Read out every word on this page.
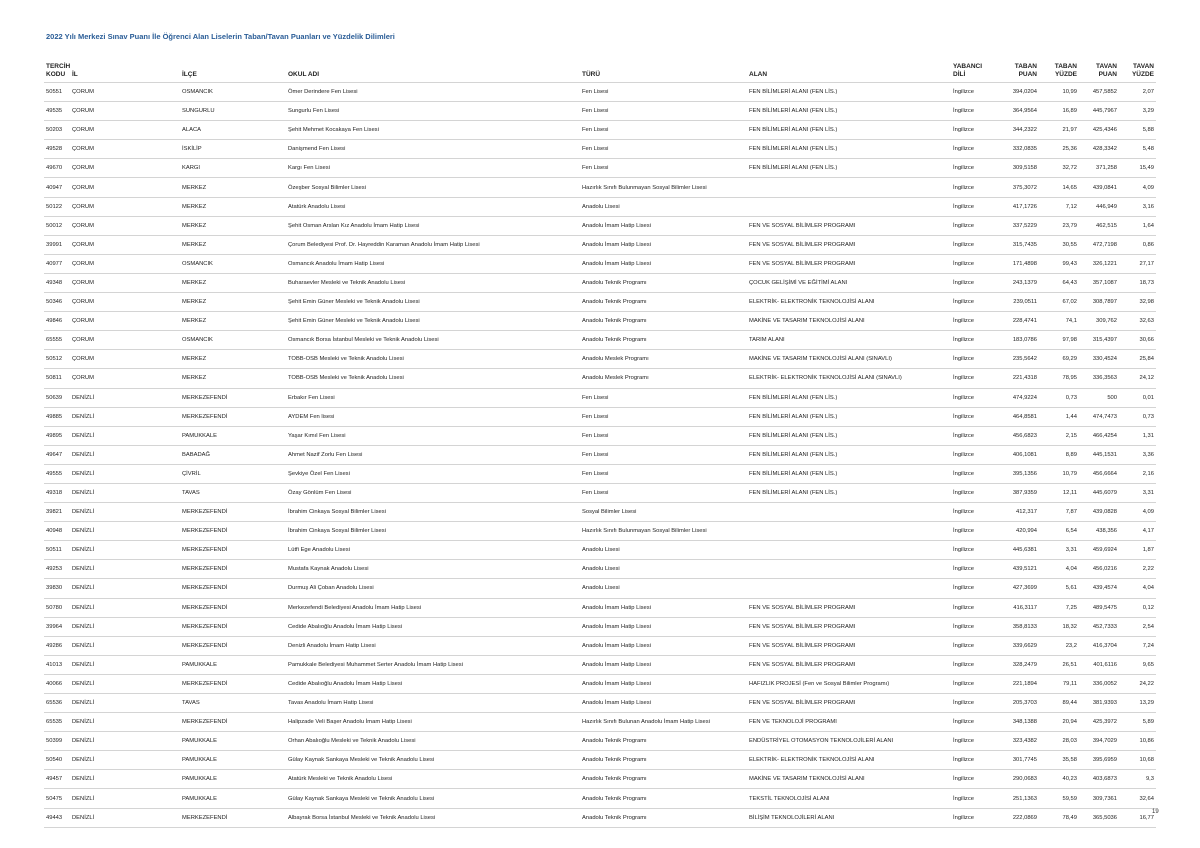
2022 Yılı Merkezi Sınav Puanı İle Öğrenci Alan Liselerin Taban/Tavan Puanları ve Yüzdelik Dilimleri
TERCİH KODU	İL	İLÇE	OKUL ADI	TÜRÜ	ALAN	YABANCI DİLİ	TABAN PUAN	TABAN YÜZDE	TAVAN PUAN	TAVAN YÜZDE
50551	ÇORUM	OSMANCIK	Ömer Derindere Fen Lisesi	Fen Lisesi	FEN BİLİMLERİ ALANI (FEN LİS.)	İngilizce	394,0204	10,99	457,5852	2,07
49535	ÇORUM	SUNGURLU	Sungurlu Fen Lisesi	Fen Lisesi	FEN BİLİMLERİ ALANI (FEN LİS.)	İngilizce	364,9564	16,89	445,7967	3,29
50203	ÇORUM	ALACA	Şehit Mehmet Kocakaya Fen Lisesi	Fen Lisesi	FEN BİLİMLERİ ALANI (FEN LİS.)	İngilizce	344,2322	21,97	425,4346	5,88
49528	ÇORUM	İSKİLİP	Danişmend Fen Lisesi	Fen Lisesi	FEN BİLİMLERİ ALANI (FEN LİS.)	İngilizce	332,0835	25,36	428,3342	5,48
49670	ÇORUM	KARGI	Kargı Fen Lisesi	Fen Lisesi	FEN BİLİMLERİ ALANI (FEN LİS.)	İngilizce	309,5158	32,72	371,258	15,49
40947	ÇORUM	MERKEZ	Özeşber Sosyal Bilimler Lisesi	Hazırlık Sınıfı Bulunmayan Sosyal Bilimler Lisesi		İngilizce	375,3072	14,65	439,0841	4,09
50122	ÇORUM	MERKEZ	Atatürk Anadolu Lisesi	Anadolu Lisesi		İngilizce	417,1726	7,12	446,949	3,16
50012	ÇORUM	MERKEZ	Şehit Osman Arslan Kız Anadolu İmam Hatip Lisesi	Anadolu İmam Hatip Lisesi	FEN VE SOSYAL BİLİMLER PROGRAMI	İngilizce	337,5229	23,79	462,515	1,64
39991	ÇORUM	MERKEZ	Çorum Belediyesi Prof. Dr. Hayreddin Karaman Anadolu İmam Hatip Lisesi	Anadolu İmam Hatip Lisesi	FEN VE SOSYAL BİLİMLER PROGRAMI	İngilizce	315,7435	30,55	472,7198	0,86
40977	ÇORUM	OSMANCIK	Osmancık Anadolu İmam Hatip Lisesi	Anadolu İmam Hatip Lisesi	FEN VE SOSYAL BİLİMLER PROGRAMI	İngilizce	171,4898	99,43	326,1221	27,17
49348	ÇORUM	MERKEZ	Buharaevler Mesleki ve Teknik Anadolu Lisesi	Anadolu Teknik Programı	ÇOCUK GELİŞİMİ VE EĞİTİMİ ALANI	İngilizce	243,1379	64,43	357,1087	18,73
50346	ÇORUM	MERKEZ	Şehit Emin Güner Mesleki ve Teknik Anadolu Lisesi	Anadolu Teknik Programı	ELEKTRİK- ELEKTRONİK TEKNOLOJİSİ ALANI	İngilizce	239,0511	67,02	308,7897	32,98
49846	ÇORUM	MERKEZ	Şehit Emin Güner Mesleki ve Teknik Anadolu Lisesi	Anadolu Teknik Programı	MAKİNE VE TASARIM TEKNOLOJİSİ ALANI	İngilizce	228,4741	74,1	309,762	32,63
65555	ÇORUM	OSMANCIK	Osmancık Borsa İstanbul Mesleki ve Teknik Anadolu Lisesi	Anadolu Teknik Programı	TARIM ALANI	İngilizce	183,0786	97,98	315,4397	30,66
50512	ÇORUM	MERKEZ	TOBB-OSB Mesleki ve Teknik Anadolu Lisesi	Anadolu Meslek Programı	MAKİNE VE TASARIM TEKNOLOJİSİ ALANI (SINAVLI)	İngilizce	235,5642	69,29	330,4524	25,84
50811	ÇORUM	MERKEZ	TOBB-OSB Mesleki ve Teknik Anadolu Lisesi	Anadolu Meslek Programı	ELEKTRİK- ELEKTRONİK TEKNOLOJİSİ ALANI (SINAVLI)	İngilizce	221,4318	78,95	336,3563	24,12
50639	DENİZLİ	MERKEZEFENDİ	Erbakır Fen Lisesi	Fen Lisesi	FEN BİLİMLERİ ALANI (FEN LİS.)	İngilizce	474,9224	0,73	500	0,01
49885	DENİZLİ	MERKEZEFENDİ	AYDEM Fen lisesi	Fen Lisesi	FEN BİLİMLERİ ALANI (FEN LİS.)	İngilizce	464,8581	1,44	474,7473	0,73
49895	DENİZLİ	PAMUKKALE	Yaşar Kımıl Fen Lisesi	Fen Lisesi	FEN BİLİMLERİ ALANI (FEN LİS.)	İngilizce	456,6823	2,15	466,4254	1,31
49647	DENİZLİ	BABADAĞ	Ahmet Nazif Zorlu Fen Lisesi	Fen Lisesi	FEN BİLİMLERİ ALANI (FEN LİS.)	İngilizce	406,1081	8,89	445,1531	3,36
49555	DENİZLİ	ÇİVRİL	Şevkiye Özel Fen Lisesi	Fen Lisesi	FEN BİLİMLERİ ALANI (FEN LİS.)	İngilizce	395,1356	10,79	456,6664	2,16
49318	DENİZLİ	TAVAS	Özay Gönlüm Fen Lisesi	Fen Lisesi	FEN BİLİMLERİ ALANI (FEN LİS.)	İngilizce	387,9359	12,11	445,6079	3,31
39821	DENİZLİ	MERKEZEFENDİ	İbrahim Cinkaya Sosyal Bilimler Lisesi	Sosyal Bilimler Lisesi		İngilizce	412,317	7,87	439,0828	4,09
40948	DENİZLİ	MERKEZEFENDİ	İbrahim Cinkaya Sosyal Bilimler Lisesi	Hazırlık Sınıfı Bulunmayan Sosyal Bilimler Lisesi		İngilizce	420,994	6,54	438,356	4,17
50511	DENİZLİ	MERKEZEFENDİ	Lütfi Ege Anadolu Lisesi	Anadolu Lisesi		İngilizce	445,6381	3,31	459,6924	1,87
49253	DENİZLİ	MERKEZEFENDİ	Mustafa Kaynak Anadolu Lisesi	Anadolu Lisesi		İngilizce	439,5121	4,04	456,0216	2,22
39830	DENİZLİ	MERKEZEFENDİ	Durmuş Ali Çoban Anadolu Lisesi	Anadolu Lisesi		İngilizce	427,3699	5,61	439,4574	4,04
50780	DENİZLİ	MERKEZEFENDİ	Merkezefendi Belediyesi Anadolu İmam Hatip Lisesi	Anadolu İmam Hatip Lisesi	FEN VE SOSYAL BİLİMLER PROGRAMI	İngilizce	416,3117	7,25	489,5475	0,12
39964	DENİZLİ	MERKEZEFENDİ	Cedide Abalıoğlu Anadolu İmam Hatip Lisesi	Anadolu İmam Hatip Lisesi	FEN VE SOSYAL BİLİMLER PROGRAMI	İngilizce	358,8133	18,32	452,7333	2,54
49286	DENİZLİ	MERKEZEFENDİ	Denizli Anadolu İmam Hatip Lisesi	Anadolu İmam Hatip Lisesi	FEN VE SOSYAL BİLİMLER PROGRAMI	İngilizce	339,6629	23,2	416,3704	7,24
41013	DENİZLİ	PAMUKKALE	Pamukkale Belediyesi Muhammet Serter Anadolu İmam Hatip Lisesi	Anadolu İmam Hatip Lisesi	FEN VE SOSYAL BİLİMLER PROGRAMI	İngilizce	328,2479	26,51	401,6116	9,65
40066	DENİZLİ	MERKEZEFENDİ	Cedide Abalıoğlu Anadolu İmam Hatip Lisesi	Anadolu İmam Hatip Lisesi	HAFIZLIK PROJESİ (Fen ve Sosyal Bilimler Programı)	İngilizce	221,1894	79,11	336,0052	24,22
65536	DENİZLİ	TAVAS	Tavas Anadolu İmam Hatip Lisesi	Anadolu İmam Hatip Lisesi	FEN VE SOSYAL BİLİMLER PROGRAMI	İngilizce	205,3703	89,44	381,9393	13,29
65535	DENİZLİ	MERKEZEFENDİ	Halipzade Veli Başer Anadolu İmam Hatip Lisesi	Hazırlık Sınıfı Bulunan Anadolu İmam Hatip Lisesi	FEN VE TEKNOLOJİ PROGRAMI	İngilizce	348,1388	20,94	425,3972	5,89
50399	DENİZLİ	PAMUKKALE	Orhan Abalıoğlu Mesleki ve Teknik Anadolu Lisesi	Anadolu Teknik Programı	ENDÜSTRİYEL OTOMASYON TEKNOLOJİLERİ ALANI	İngilizce	323,4382	28,03	394,7029	10,86
50540	DENİZLİ	PAMUKKALE	Gülay Kaynak Sankaya Mesleki ve Teknik Anadolu Lisesi	Anadolu Teknik Programı	ELEKTRİK- ELEKTRONİK TEKNOLOJİSİ ALANI	İngilizce	301,7745	35,58	395,6959	10,68
49457	DENİZLİ	PAMUKKALE	Atatürk Mesleki ve Teknik Anadolu Lisesi	Anadolu Teknik Programı	MAKİNE VE TASARIM TEKNOLOJİSİ ALANI	İngilizce	290,0683	40,23	403,6873	9,3
50475	DENİZLİ	PAMUKKALE	Gülay Kaynak Sankaya Mesleki ve Teknik Anadolu Lisesi	Anadolu Teknik Programı	TEKSTİL TEKNOLOJİSİ ALANI	İngilizce	251,1363	59,59	309,7361	32,64
49443	DENİZLİ	MERKEZEFENDİ	Albayrak Borsa İstanbul Mesleki ve Teknik Anadolu Lisesi	Anadolu Teknik Programı	BİLİŞİM TEKNOLOJİLERİ ALANI	İngilizce	222,0869	78,49	365,5036	16,77
19
